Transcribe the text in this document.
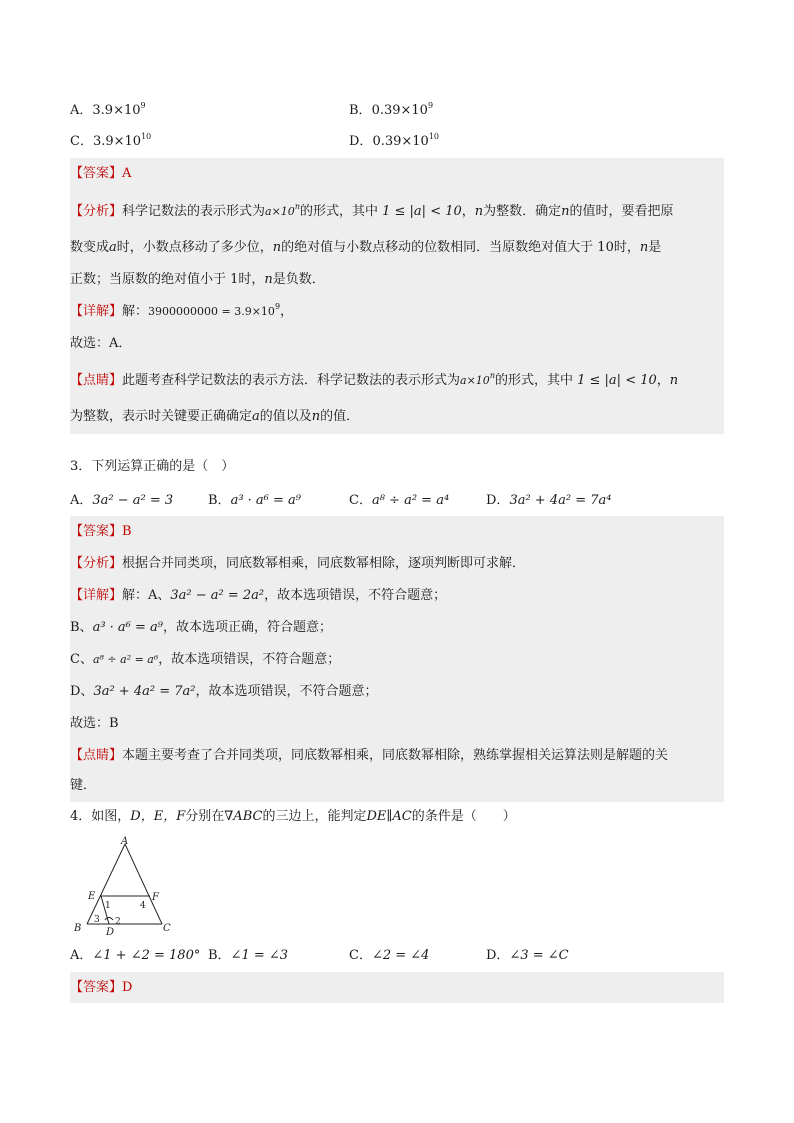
A．$3.9\times 10^9$	B．$0.39\times 10^9$
C．$3.9\times 10^{10}$	D．$0.39\times 10^{10}$
【答案】A
【分析】科学记数法的表示形式为$a\times 10^n$的形式，其中 1 ≤ |a| < 10，n为整数．确定n的值时，要看把原
数变成a时，小数点移动了多少位，n的绝对值与小数点移动的位数相同．当原数绝对值大于 10时，n是
正数；当原数的绝对值小于 1时，n是负数．
【详解】解：$3900000000 = 3.9\times 10^9$，
故选：A．
【点睛】此题考查科学记数法的表示方法．科学记数法的表示形式为$a\times 10^n$的形式，其中 1 ≤ |a| < 10，n
为整数，表示时关键要正确确定a的值以及n的值．
3．下列运算正确的是（　）
A．3a² − a² = 3	B．a³ · a⁶ = a⁹	C．a⁸ ÷ a² = a⁴	D．3a² + 4a² = 7a⁴
【答案】B
【分析】根据合并同类项，同底数幂相乘，同底数幂相除，逐项判断即可求解．
【详解】解：A、3a² − a² = 2a²，故本选项错误，不符合题意；
B、a³ · a⁶ = a⁹，故本选项正确，符合题意；
C、a⁸ ÷ a² = a⁶，故本选项错误，不符合题意；
D、3a² + 4a² = 7a²，故本选项错误，不符合题意；
故选：B
【点睛】本题主要考查了合并同类项，同底数幂相乘，同底数幂相除，熟练掌握相关运算法则是解题的关
键．
4．如图，D，E，F分别在∇ABC的三边上，能判定DE∥AC的条件是（　　）
A
B	C
D
E	F
1
2
3
4
A．∠1 + ∠2 = 180° B．∠1 = ∠3	C．∠2 = ∠4	D．∠3 = ∠C
【答案】D
